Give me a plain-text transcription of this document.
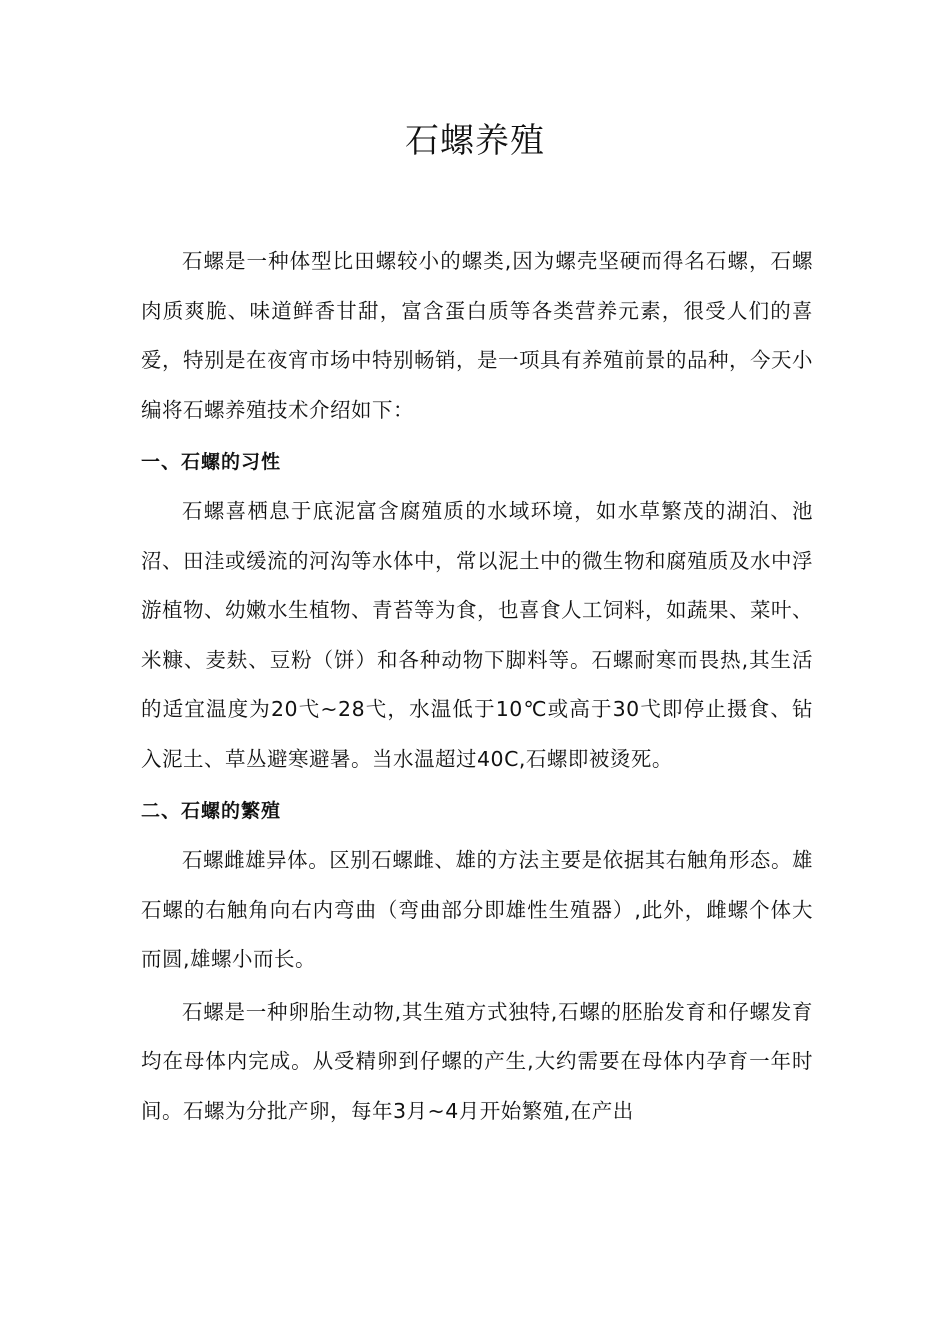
石螺养殖

石螺是一种体型比田螺较小的螺类,因为螺壳坚硬而得名石螺，石螺肉质爽脆、味道鲜香甘甜，富含蛋白质等各类营养元素，很受人们的喜爱，特别是在夜宵市场中特别畅销，是一项具有养殖前景的品种，今天小编将石螺养殖技术介绍如下：

一、石螺的习性

石螺喜栖息于底泥富含腐殖质的水域环境，如水草繁茂的湖泊、池沼、田洼或缓流的河沟等水体中，常以泥土中的微生物和腐殖质及水中浮游植物、幼嫩水生植物、青苔等为食，也喜食人工饲料，如蔬果、菜叶、米糠、麦麸、豆粉（饼）和各种动物下脚料等。石螺耐寒而畏热,其生活的适宜温度为20弋~28弋，水温低于10℃或高于30弋即停止摄食、钻入泥土、草丛避寒避暑。当水温超过40C,石螺即被烫死。

二、石螺的繁殖

石螺雌雄异体。区别石螺雌、雄的方法主要是依据其右触角形态。雄石螺的右触角向右内弯曲（弯曲部分即雄性生殖器）,此外，雌螺个体大而圆,雄螺小而长。

石螺是一种卵胎生动物,其生殖方式独特,石螺的胚胎发育和仔螺发育均在母体内完成。从受精卵到仔螺的产生,大约需要在母体内孕育一年时间。石螺为分批产卵，每年3月~4月开始繁殖,在产出
